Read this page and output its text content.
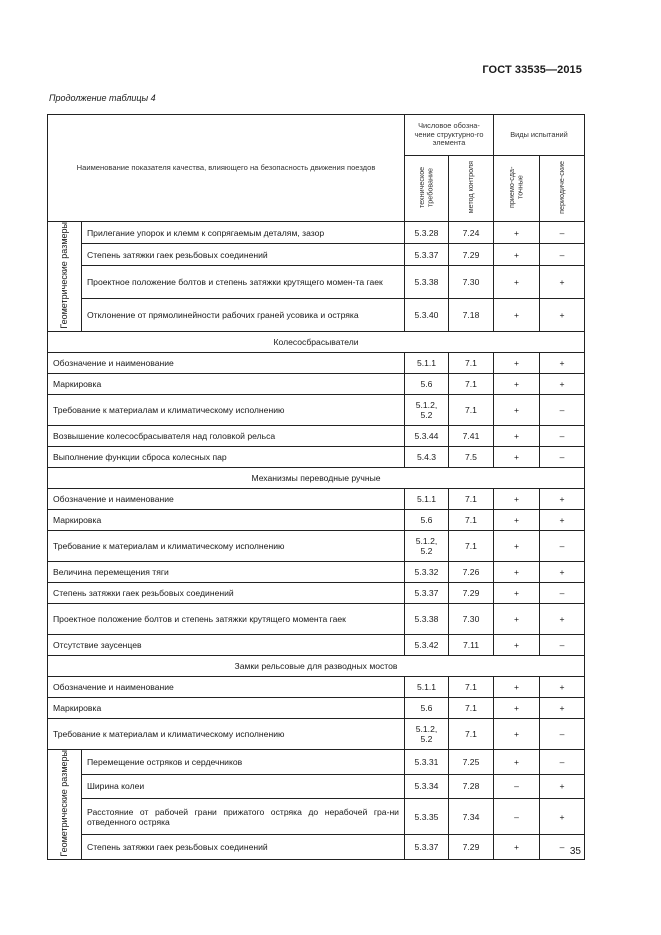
ГОСТ 33535—2015
Продолжение таблицы 4
Наименование показателя качества, влияющего на безопасность движения поездов		Числовое обозна-чение структурно-го элемента		Виды испытаний	
		техническое требование	метод контроля	приемо-сда-точные	периодиче-ские
Геометрические размеры	Прилегание упорок и клемм к сопрягаемым деталям, зазор	5.3.28	7.24	+	–
	Степень затяжки гаек резьбовых соединений	5.3.37	7.29	+	–
	Проектное положение болтов и степень затяжки крутящего момен-та гаек	5.3.38	7.30	+	+
	Отклонение от прямолинейности рабочих граней усовика и остряка	5.3.40	7.18	+	+
Колесосбрасыватели					
Обозначение и наименование		5.1.1	7.1	+	+
Маркировка		5.6	7.1	+	+
Требование к материалам и климатическому исполнению		5.1.2, 5.2	7.1	+	–
Возвышение колесосбрасывателя над головкой рельса		5.3.44	7.41	+	–
Выполнение функции сброса колесных пар		5.4.3	7.5	+	–
Механизмы переводные ручные					
Обозначение и наименование		5.1.1	7.1	+	+
Маркировка		5.6	7.1	+	+
Требование к материалам и климатическому исполнению		5.1.2, 5.2	7.1	+	–
Величина перемещения тяги		5.3.32	7.26	+	+
Степень затяжки гаек резьбовых соединений		5.3.37	7.29	+	–
Проектное положение болтов и степень затяжки крутящего момента гаек		5.3.38	7.30	+	+
Отсутствие заусенцев		5.3.42	7.11	+	–
Замки рельсовые для разводных мостов					
Обозначение и наименование		5.1.1	7.1	+	+
Маркировка		5.6	7.1	+	+
Требование к материалам и климатическому исполнению		5.1.2, 5.2	7.1	+	–
Геометрические размеры	Перемещение остряков и сердечников	5.3.31	7.25	+	–
	Ширина колеи	5.3.34	7.28	–	+
	Расстояние от рабочей грани прижатого остряка до нерабочей гра-ни отведенного остряка	5.3.35	7.34	–	+
	Степень затяжки гаек резьбовых соединений	5.3.37	7.29	+	– 35
